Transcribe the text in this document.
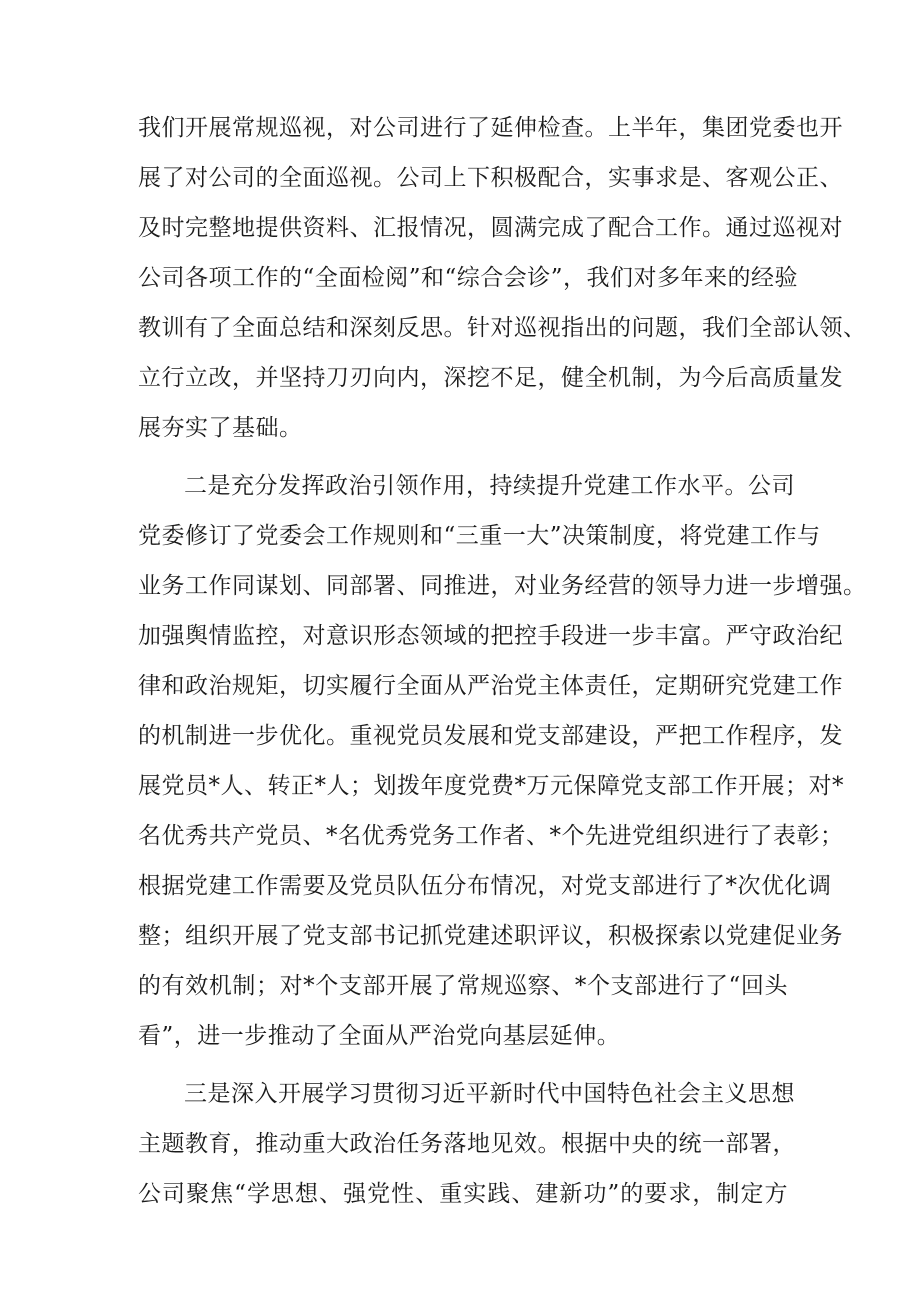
我们开展常规巡视，对公司进行了延伸检查。上半年，集团党委也开
展了对公司的全面巡视。公司上下积极配合，实事求是、客观公正、
及时完整地提供资料、汇报情况，圆满完成了配合工作。通过巡视对
公司各项工作的“全面检阅”和“综合会诊”，我们对多年来的经验
教训有了全面总结和深刻反思。针对巡视指出的问题，我们全部认领、
立行立改，并坚持刀刃向内，深挖不足，健全机制，为今后高质量发
展夯实了基础。
二是充分发挥政治引领作用，持续提升党建工作水平。公司
党委修订了党委会工作规则和“三重一大”决策制度，将党建工作与
业务工作同谋划、同部署、同推进，对业务经营的领导力进一步增强。
加强舆情监控，对意识形态领域的把控手段进一步丰富。严守政治纪
律和政治规矩，切实履行全面从严治党主体责任，定期研究党建工作
的机制进一步优化。重视党员发展和党支部建设，严把工作程序，发
展党员*人、转正*人；划拨年度党费*万元保障党支部工作开展；对*
名优秀共产党员、*名优秀党务工作者、*个先进党组织进行了表彰；
根据党建工作需要及党员队伍分布情况，对党支部进行了*次优化调
整；组织开展了党支部书记抓党建述职评议，积极探索以党建促业务
的有效机制；对*个支部开展了常规巡察、*个支部进行了“回头
看”，进一步推动了全面从严治党向基层延伸。
三是深入开展学习贯彻习近平新时代中国特色社会主义思想
主题教育，推动重大政治任务落地见效。根据中央的统一部署，
公司聚焦“学思想、强党性、重实践、建新功”的要求，制定方
